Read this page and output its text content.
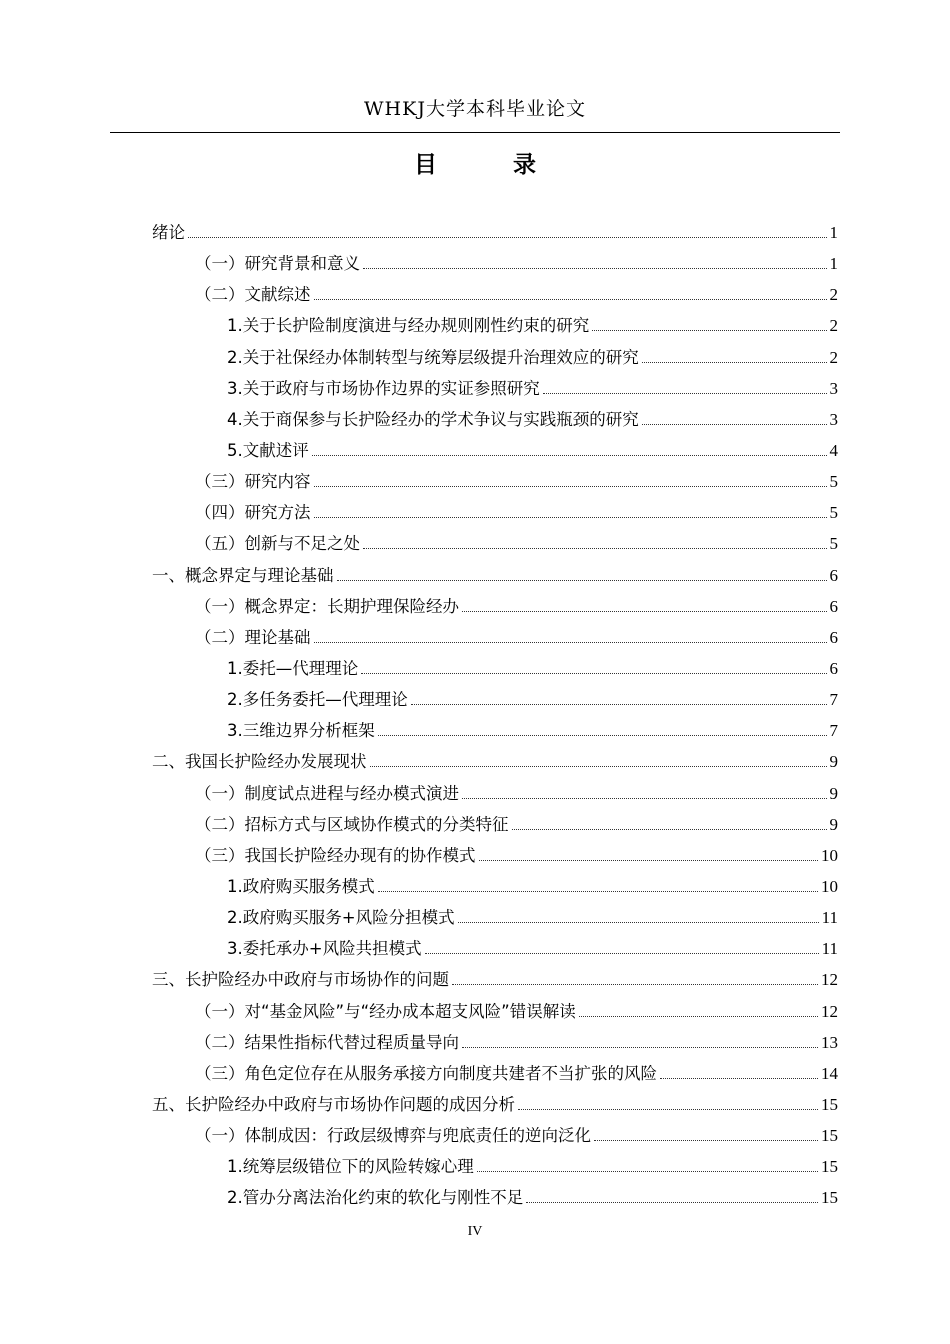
WHKJ大学本科毕业论文
目 录
绪论	1
（一）研究背景和意义	1
（二）文献综述	2
1.关于长护险制度演进与经办规则刚性约束的研究	2
2.关于社保经办体制转型与统筹层级提升治理效应的研究	2
3.关于政府与市场协作边界的实证参照研究	3
4.关于商保参与长护险经办的学术争议与实践瓶颈的研究	3
5.文献述评	4
（三）研究内容	5
（四）研究方法	5
（五）创新与不足之处	5
一、概念界定与理论基础	6
（一）概念界定：长期护理保险经办	6
（二）理论基础	6
1.委托—代理理论	6
2.多任务委托—代理理论	7
3.三维边界分析框架	7
二、我国长护险经办发展现状	9
（一）制度试点进程与经办模式演进	9
（二）招标方式与区域协作模式的分类特征	9
（三）我国长护险经办现有的协作模式	10
1.政府购买服务模式	10
2.政府购买服务+风险分担模式	11
3.委托承办+风险共担模式	11
三、长护险经办中政府与市场协作的问题	12
（一）对“基金风险”与“经办成本超支风险”错误解读	12
（二）结果性指标代替过程质量导向	13
（三）角色定位存在从服务承接方向制度共建者不当扩张的风险	14
五、长护险经办中政府与市场协作问题的成因分析	15
（一）体制成因：行政层级博弈与兜底责任的逆向泛化	15
1.统筹层级错位下的风险转嫁心理	15
2.管办分离法治化约束的软化与刚性不足	15
IV
